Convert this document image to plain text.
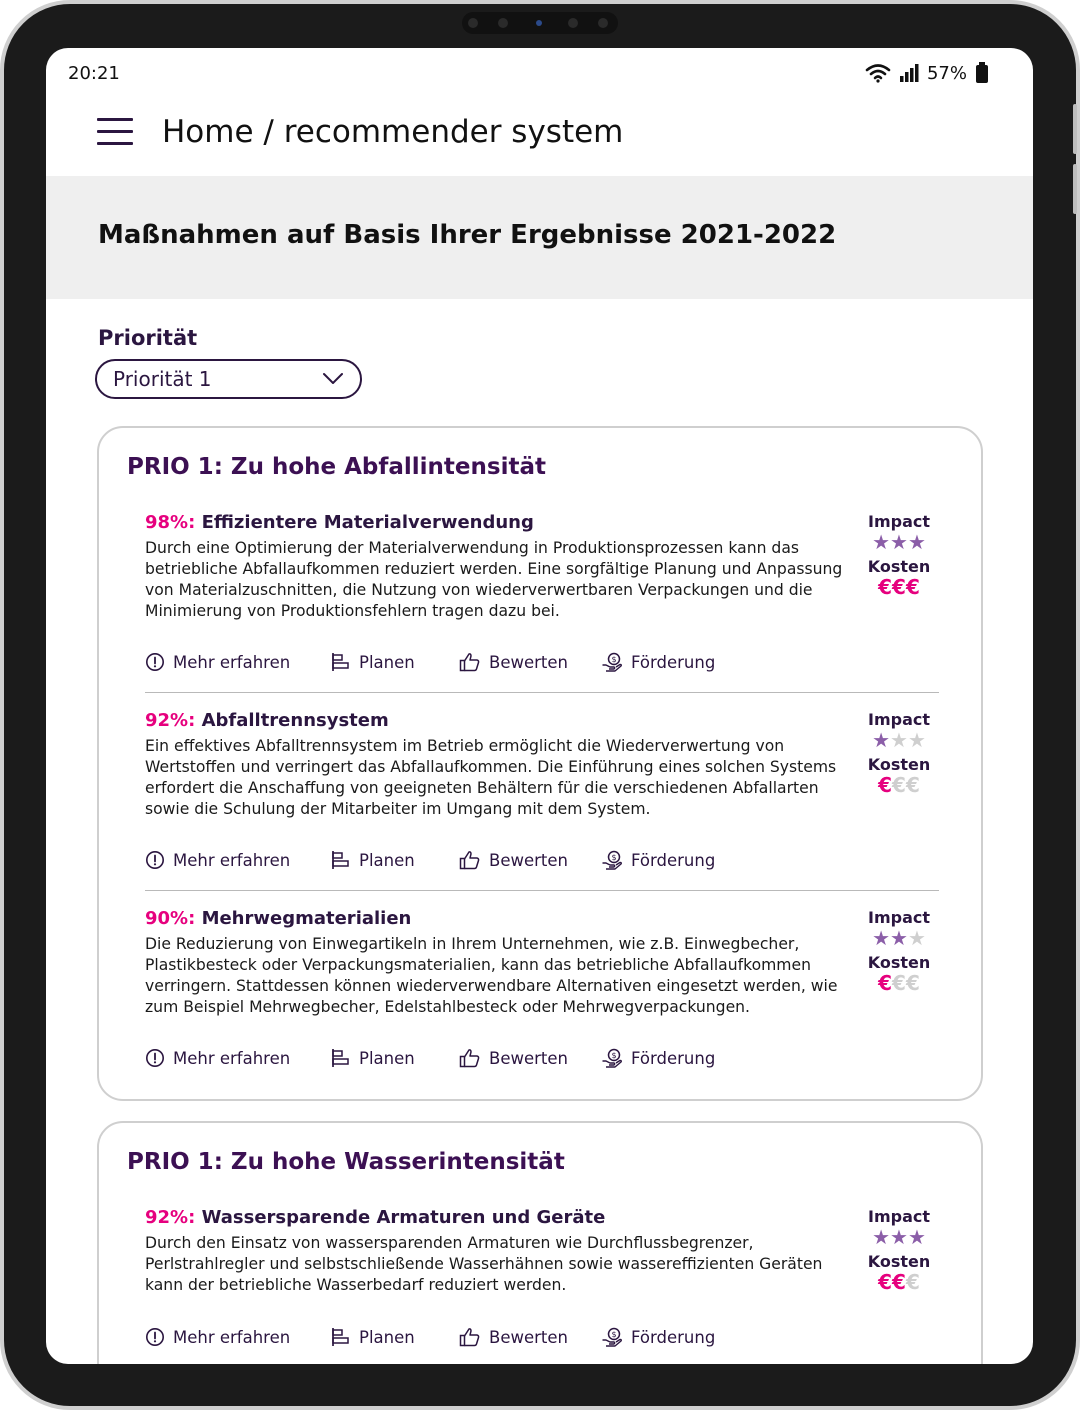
20:21	57%
Home / recommender system
Maßnahmen auf Basis Ihrer Ergebnisse 2021-2022
Priorität
Priorität 1
PRIO 1: Zu hohe Abfallintensität
98%: Effizientere Materialverwendung
Durch eine Optimierung der Materialverwendung in Produktionsprozessen kann das betriebliche Abfallaufkommen reduziert werden. Eine sorgfältige Planung und Anpassung von Materialzuschnitten, die Nutzung von wiederverwertbaren Verpackungen und die Minimierung von Produktionsfehlern tragen dazu bei.
Impact
★★★
Kosten
€€€
Mehr erfahren	Planen	Bewerten	$ Förderung
92%: Abfalltrennsystem
Ein effektives Abfalltrennsystem im Betrieb ermöglicht die Wiederverwertung von Wertstoffen und verringert das Abfallaufkommen. Die Einführung eines solchen Systems erfordert die Anschaffung von geeigneten Behältern für die verschiedenen Abfallarten sowie die Schulung der Mitarbeiter im Umgang mit dem System.
Impact
★★★
Kosten
€€€
Mehr erfahren	Planen	Bewerten	$ Förderung
90%: Mehrwegmaterialien
Die Reduzierung von Einwegartikeln in Ihrem Unternehmen, wie z.B. Einwegbecher, Plastikbesteck oder Verpackungsmaterialien, kann das betriebliche Abfallaufkommen verringern. Stattdessen können wiederverwendbare Alternativen eingesetzt werden, wie zum Beispiel Mehrwegbecher, Edelstahlbesteck oder Mehrwegverpackungen.
Impact
★★★
Kosten
€€€
Mehr erfahren	Planen	Bewerten	$ Förderung
PRIO 1: Zu hohe Wasserintensität
92%: Wassersparende Armaturen und Geräte
Durch den Einsatz von wassersparenden Armaturen wie Durchflussbegrenzer, Perlstrahlregler und selbstschließende Wasserhähnen sowie wassereffizienten Geräten kann der betriebliche Wasserbedarf reduziert werden.
Impact
★★★
Kosten
€€€
Mehr erfahren	Planen	Bewerten	$ Förderung
